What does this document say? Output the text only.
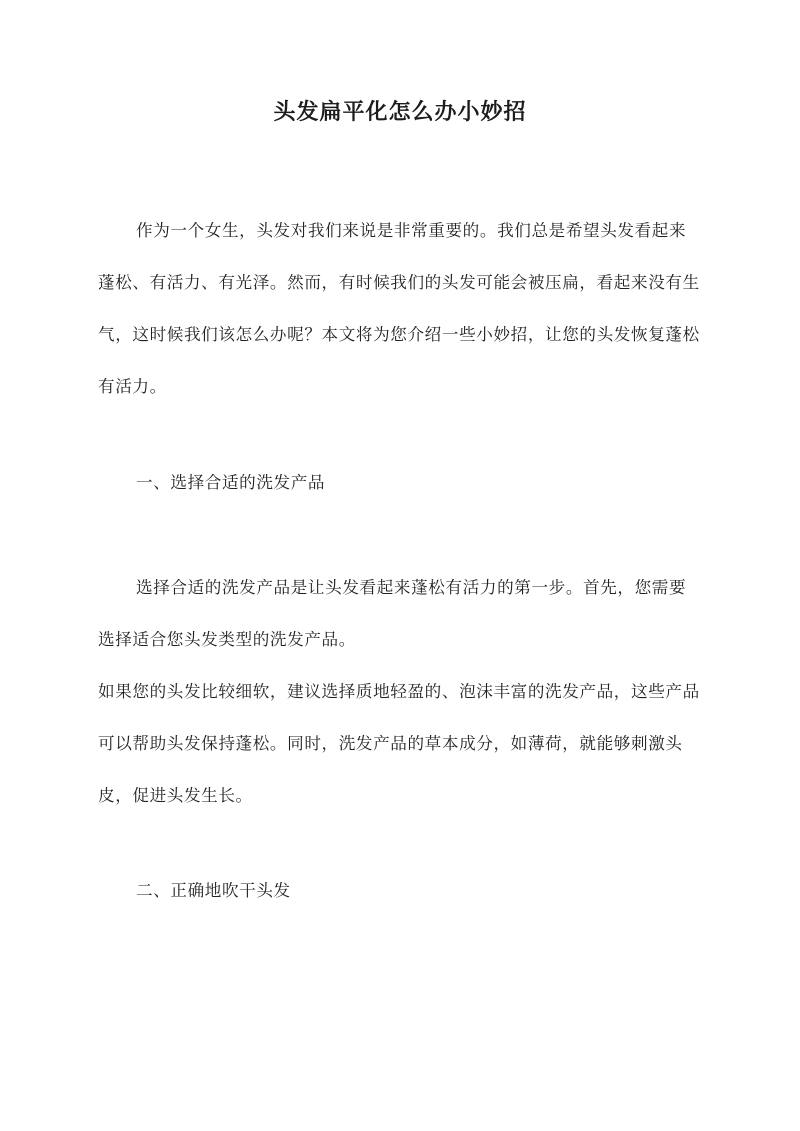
头发扁平化怎么办小妙招

作为一个女生，头发对我们来说是非常重要的。我们总是希望头发看起来蓬松、有活力、有光泽。然而，有时候我们的头发可能会被压扁，看起来没有生气，这时候我们该怎么办呢？本文将为您介绍一些小妙招，让您的头发恢复蓬松有活力。

一、选择合适的洗发产品

选择合适的洗发产品是让头发看起来蓬松有活力的第一步。首先，您需要选择适合您头发类型的洗发产品。

如果您的头发比较细软，建议选择质地轻盈的、泡沫丰富的洗发产品，这些产品可以帮助头发保持蓬松。同时，洗发产品的草本成分，如薄荷，就能够刺激头皮，促进头发生长。

二、正确地吹干头发
